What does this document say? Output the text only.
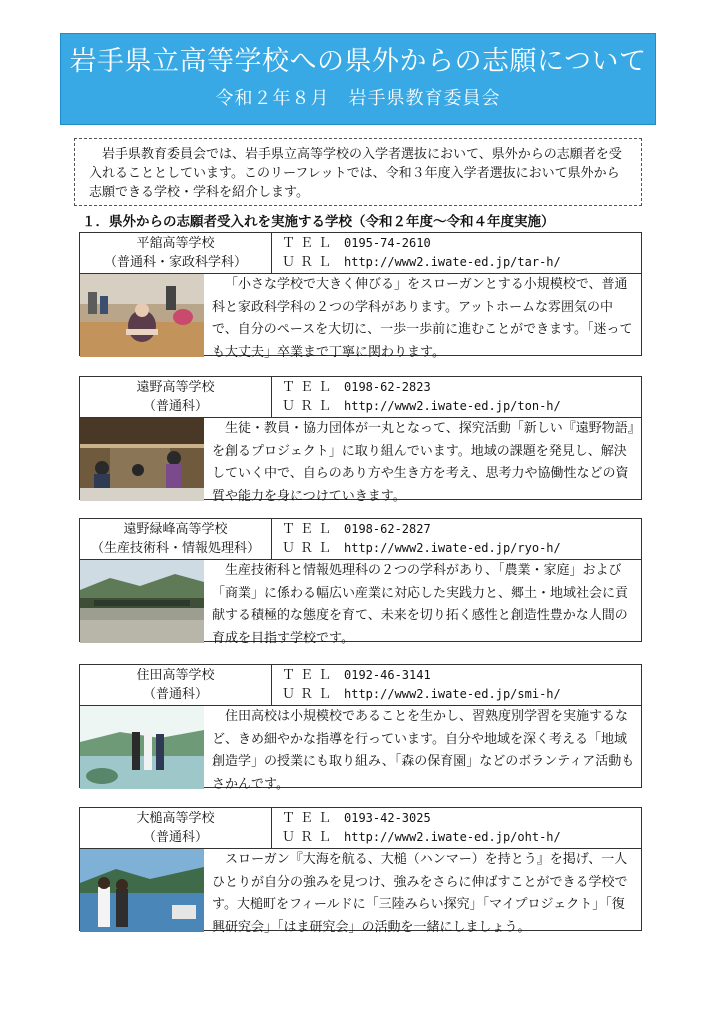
岩手県立高等学校への県外からの志願について
令和２年８月　岩手県教育委員会

岩手県教育委員会では、岩手県立高等学校の入学者選抜において、県外からの志願者を受入れることとしています。このリーフレットでは、令和３年度入学者選抜において県外から志願できる学校・学科を紹介します。

１．県外からの志願者受入れを実施する学校（令和２年度〜令和４年度実施）
平舘高等学校
（普通科・家政科学科）
ＴＥＬ 0195-74-2610
ＵＲＬ http://www2.iwate-ed.jp/tar-h/
「小さな学校で大きく伸びる」をスローガンとする小規模校で、普通科と家政科学科の２つの学科があります。アットホームな雰囲気の中で、自分のペースを大切に、一歩一歩前に進むことができます。「迷っても大丈夫」卒業まで丁寧に関わります。
遠野高等学校
（普通科）
ＴＥＬ 0198-62-2823
ＵＲＬ http://www2.iwate-ed.jp/ton-h/
生徒・教員・協力団体が一丸となって、探究活動「新しい『遠野物語』を創るプロジェクト」に取り組んでいます。地域の課題を発見し、解決していく中で、自らのあり方や生き方を考え、思考力や協働性などの資質や能力を身につけていきます。
遠野緑峰高等学校
（生産技術科・情報処理科）
ＴＥＬ 0198-62-2827
ＵＲＬ http://www2.iwate-ed.jp/ryo-h/
生産技術科と情報処理科の２つの学科があり、「農業・家庭」および「商業」に係わる幅広い産業に対応した実践力と、郷土・地域社会に貢献する積極的な態度を育て、未来を切り拓く感性と創造性豊かな人間の育成を目指す学校です。
住田高等学校
（普通科）
ＴＥＬ 0192-46-3141
ＵＲＬ http://www2.iwate-ed.jp/smi-h/
住田高校は小規模校であることを生かし、習熟度別学習を実施するなど、きめ細やかな指導を行っています。自分や地域を深く考える「地域創造学」の授業にも取り組み、「森の保育園」などのボランティア活動もさかんです。
大槌高等学校
（普通科）
ＴＥＬ 0193-42-3025
ＵＲＬ http://www2.iwate-ed.jp/oht-h/
スローガン『大海を航る、大槌（ハンマー）を持とう』を掲げ、一人ひとりが自分の強みを見つけ、強みをさらに伸ばすことができる学校です。大槌町をフィールドに「三陸みらい探究」「マイプロジェクト」「復興研究会」「はま研究会」の活動を一緒にしましょう。
